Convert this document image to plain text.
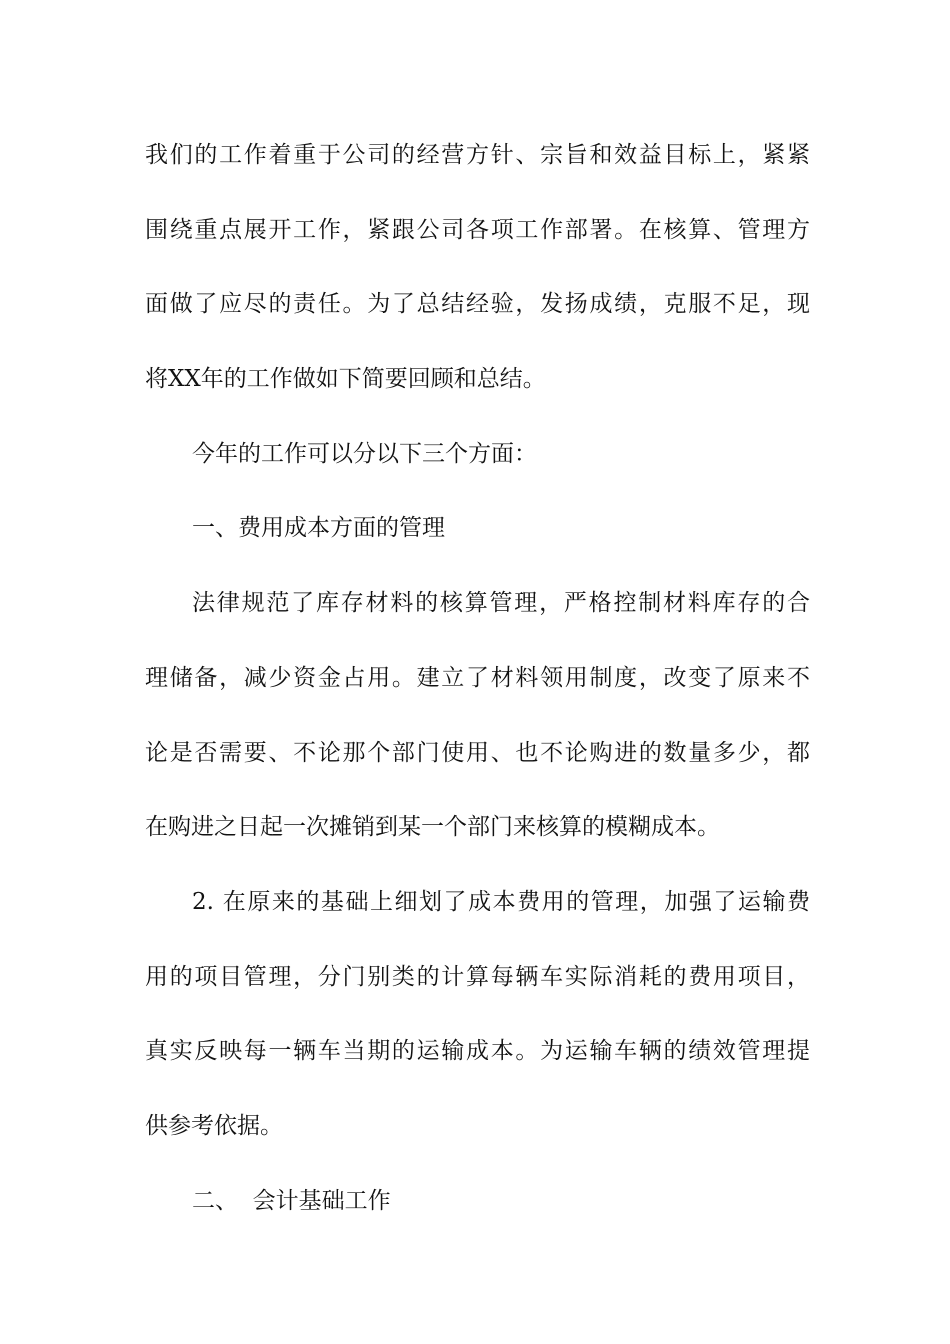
我们的工作着重于公司的经营方针、宗旨和效益目标上，紧紧
围绕重点展开工作，紧跟公司各项工作部署。在核算、管理方
面做了应尽的责任。为了总结经验，发扬成绩，克服不足，现
将XX年的工作做如下简要回顾和总结。
今年的工作可以分以下三个方面：
一、费用成本方面的管理
法律规范了库存材料的核算管理，严格控制材料库存的合
理储备，减少资金占用。建立了材料领用制度，改变了原来不
论是否需要、不论那个部门使用、也不论购进的数量多少，都
在购进之日起一次摊销到某一个部门来核算的模糊成本。
2. 在原来的基础上细划了成本费用的管理，加强了运输费
用的项目管理，分门别类的计算每辆车实际消耗的费用项目，
真实反映每一辆车当期的运输成本。为运输车辆的绩效管理提
供参考依据。
二、  会计基础工作
